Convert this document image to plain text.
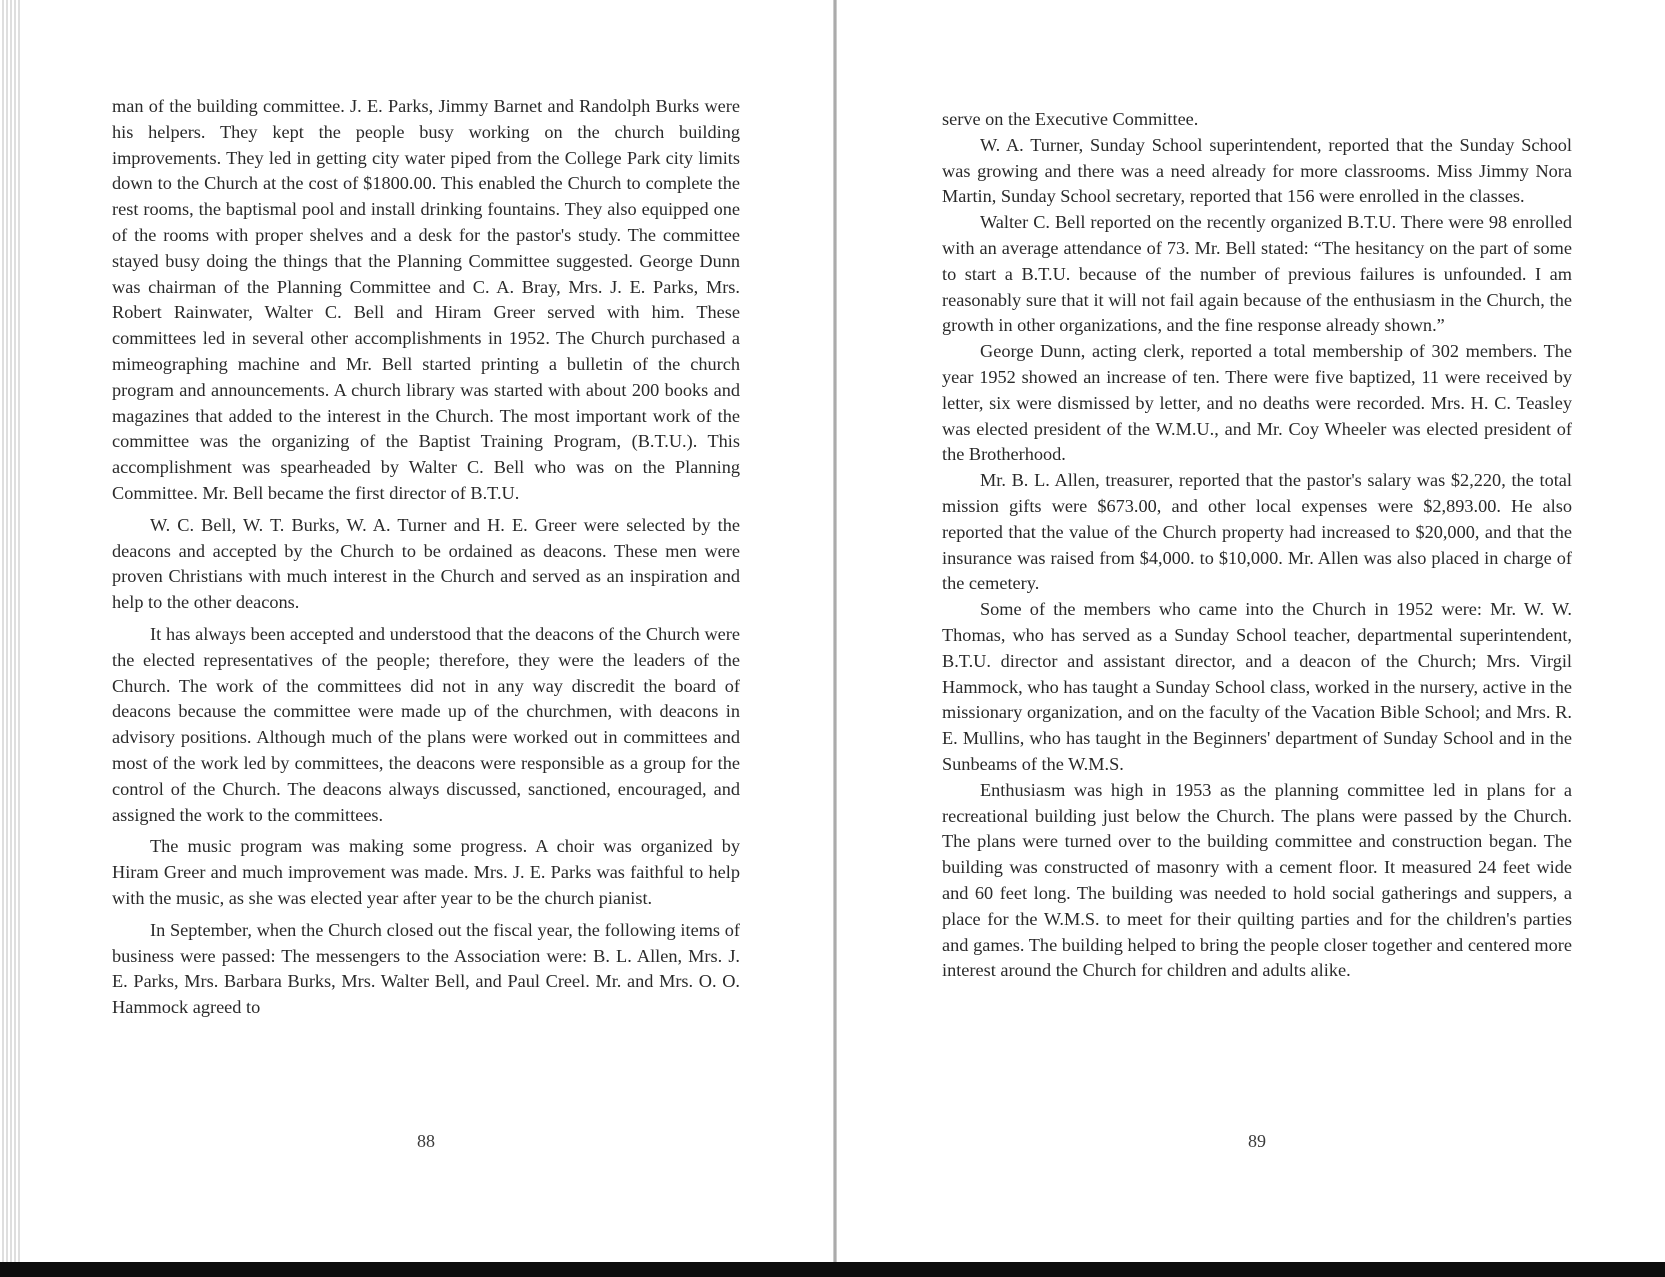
man of the building committee. J. E. Parks, Jimmy Barnet and Randolph Burks were his helpers. They kept the people busy working on the church building improvements. They led in getting city water piped from the College Park city limits down to the Church at the cost of $1800.00. This enabled the Church to complete the rest rooms, the baptismal pool and install drinking fountains. They also equipped one of the rooms with proper shelves and a desk for the pastor's study. The committee stayed busy doing the things that the Planning Committee suggested. George Dunn was chairman of the Planning Committee and C. A. Bray, Mrs. J. E. Parks, Mrs. Robert Rainwater, Walter C. Bell and Hiram Greer served with him. These committees led in several other accomplishments in 1952. The Church purchased a mimeographing machine and Mr. Bell started printing a bulletin of the church program and announcements. A church library was started with about 200 books and magazines that added to the interest in the Church. The most important work of the committee was the organizing of the Baptist Training Program, (B.T.U.). This accomplishment was spearheaded by Walter C. Bell who was on the Planning Committee. Mr. Bell became the first director of B.T.U.

W. C. Bell, W. T. Burks, W. A. Turner and H. E. Greer were selected by the deacons and accepted by the Church to be ordained as deacons. These men were proven Christians with much interest in the Church and served as an inspiration and help to the other deacons.

It has always been accepted and understood that the deacons of the Church were the elected representatives of the people; therefore, they were the leaders of the Church. The work of the committees did not in any way discredit the board of deacons because the committee were made up of the churchmen, with deacons in advisory positions. Although much of the plans were worked out in committees and most of the work led by committees, the deacons were responsible as a group for the control of the Church. The deacons always discussed, sanctioned, encouraged, and assigned the work to the committees.

The music program was making some progress. A choir was organized by Hiram Greer and much improvement was made. Mrs. J. E. Parks was faithful to help with the music, as she was elected year after year to be the church pianist.

In September, when the Church closed out the fiscal year, the following items of business were passed: The messengers to the Association were: B. L. Allen, Mrs. J. E. Parks, Mrs. Barbara Burks, Mrs. Walter Bell, and Paul Creel. Mr. and Mrs. O. O. Hammock agreed to

88

serve on the Executive Committee.

W. A. Turner, Sunday School superintendent, reported that the Sunday School was growing and there was a need already for more classrooms. Miss Jimmy Nora Martin, Sunday School secretary, reported that 156 were enrolled in the classes.

Walter C. Bell reported on the recently organized B.T.U. There were 98 enrolled with an average attendance of 73. Mr. Bell stated: “The hesitancy on the part of some to start a B.T.U. because of the number of previous failures is unfounded. I am reasonably sure that it will not fail again because of the enthusiasm in the Church, the growth in other organizations, and the fine response already shown.”

George Dunn, acting clerk, reported a total membership of 302 members. The year 1952 showed an increase of ten. There were five baptized, 11 were received by letter, six were dismissed by letter, and no deaths were recorded. Mrs. H. C. Teasley was elected president of the W.M.U., and Mr. Coy Wheeler was elected president of the Brotherhood.

Mr. B. L. Allen, treasurer, reported that the pastor's salary was $2,220, the total mission gifts were $673.00, and other local expenses were $2,893.00. He also reported that the value of the Church property had increased to $20,000, and that the insurance was raised from $4,000. to $10,000. Mr. Allen was also placed in charge of the cemetery.

Some of the members who came into the Church in 1952 were: Mr. W. W. Thomas, who has served as a Sunday School teacher, departmental superintendent, B.T.U. director and assistant director, and a deacon of the Church; Mrs. Virgil Hammock, who has taught a Sunday School class, worked in the nursery, active in the missionary organization, and on the faculty of the Vacation Bible School; and Mrs. R. E. Mullins, who has taught in the Beginners' department of Sunday School and in the Sunbeams of the W.M.S.

Enthusiasm was high in 1953 as the planning committee led in plans for a recreational building just below the Church. The plans were passed by the Church. The plans were turned over to the building committee and construction began. The building was constructed of masonry with a cement floor. It measured 24 feet wide and 60 feet long. The building was needed to hold social gatherings and suppers, a place for the W.M.S. to meet for their quilting parties and for the children's parties and games. The building helped to bring the people closer together and centered more interest around the Church for children and adults alike.

89
